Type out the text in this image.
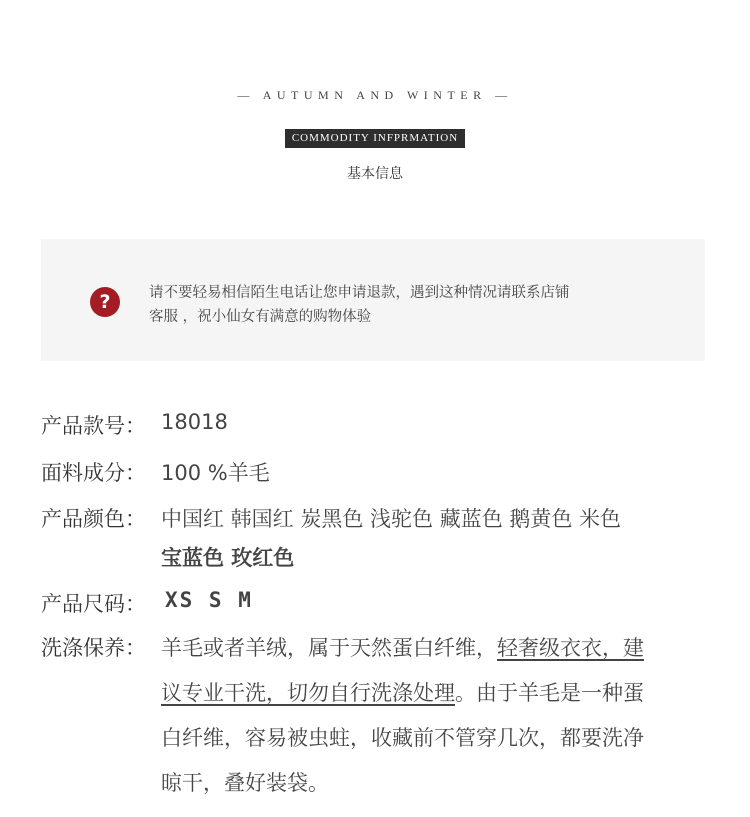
— AUTUMN AND WINTER —
COMMODITY INFPRMATION
基本信息
?	请不要轻易相信陌生电话让您申请退款，遇到这种情况请联系店铺
客服 ，祝小仙女有满意的购物体验
产品款号： 18018
面料成分： 100 %羊毛
产品颜色： 中国红 韩国红 炭黑色 浅驼色 藏蓝色 鹅黄色 米色
宝蓝色 玫红色
产品尺码： XS S M
洗涤保养： 羊毛或者羊绒，属于天然蛋白纤维，轻奢级衣衣，建
议专业干洗，切勿自行洗涤处理。由于羊毛是一种蛋
白纤维，容易被虫蛀，收藏前不管穿几次，都要洗净
晾干，叠好装袋。
